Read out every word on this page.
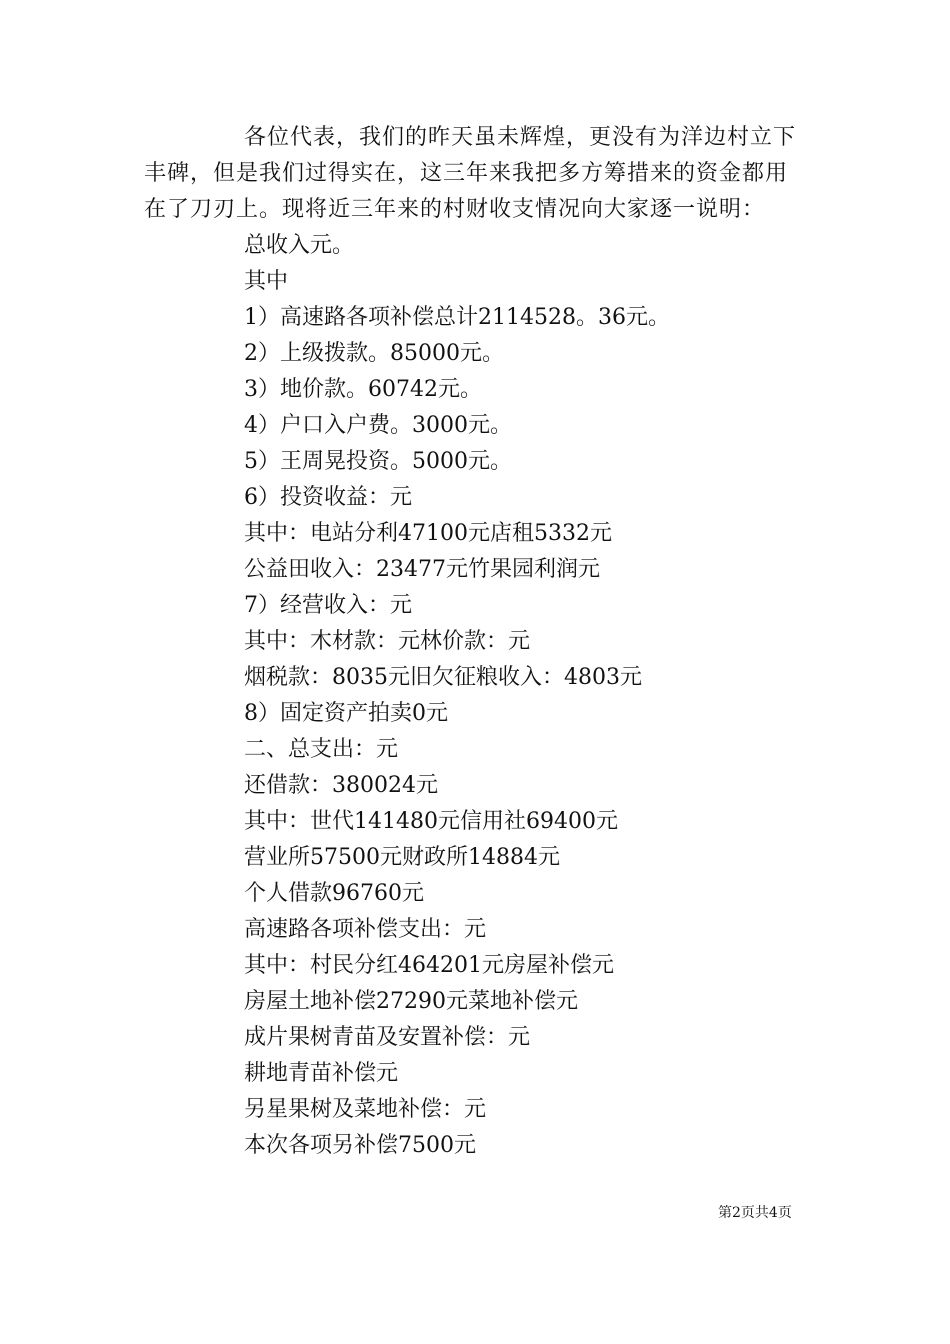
各位代表，我们的昨天虽未辉煌，更没有为洋边村立下丰碑，但是我们过得实在，这三年来我把多方筹措来的资金都用在了刀刃上。现将近三年来的村财收支情况向大家逐一说明：

总收入元。
其中
1）高速路各项补偿总计2114528。36元。
2）上级拨款。85000元。
3）地价款。60742元。
4）户口入户费。3000元。
5）王周晃投资。5000元。
6）投资收益：元
其中：电站分利47100元店租5332元
公益田收入：23477元竹果园利润元
7）经营收入：元
其中：木材款：元林价款：元
烟税款：8035元旧欠征粮收入：4803元
8）固定资产拍卖0元
二、总支出：元
还借款：380024元
其中：世代141480元信用社69400元
营业所57500元财政所14884元
个人借款96760元
高速路各项补偿支出：元
其中：村民分红464201元房屋补偿元
房屋土地补偿27290元菜地补偿元
成片果树青苗及安置补偿：元
耕地青苗补偿元
另星果树及菜地补偿：元
本次各项另补偿7500元
第2页共4页
